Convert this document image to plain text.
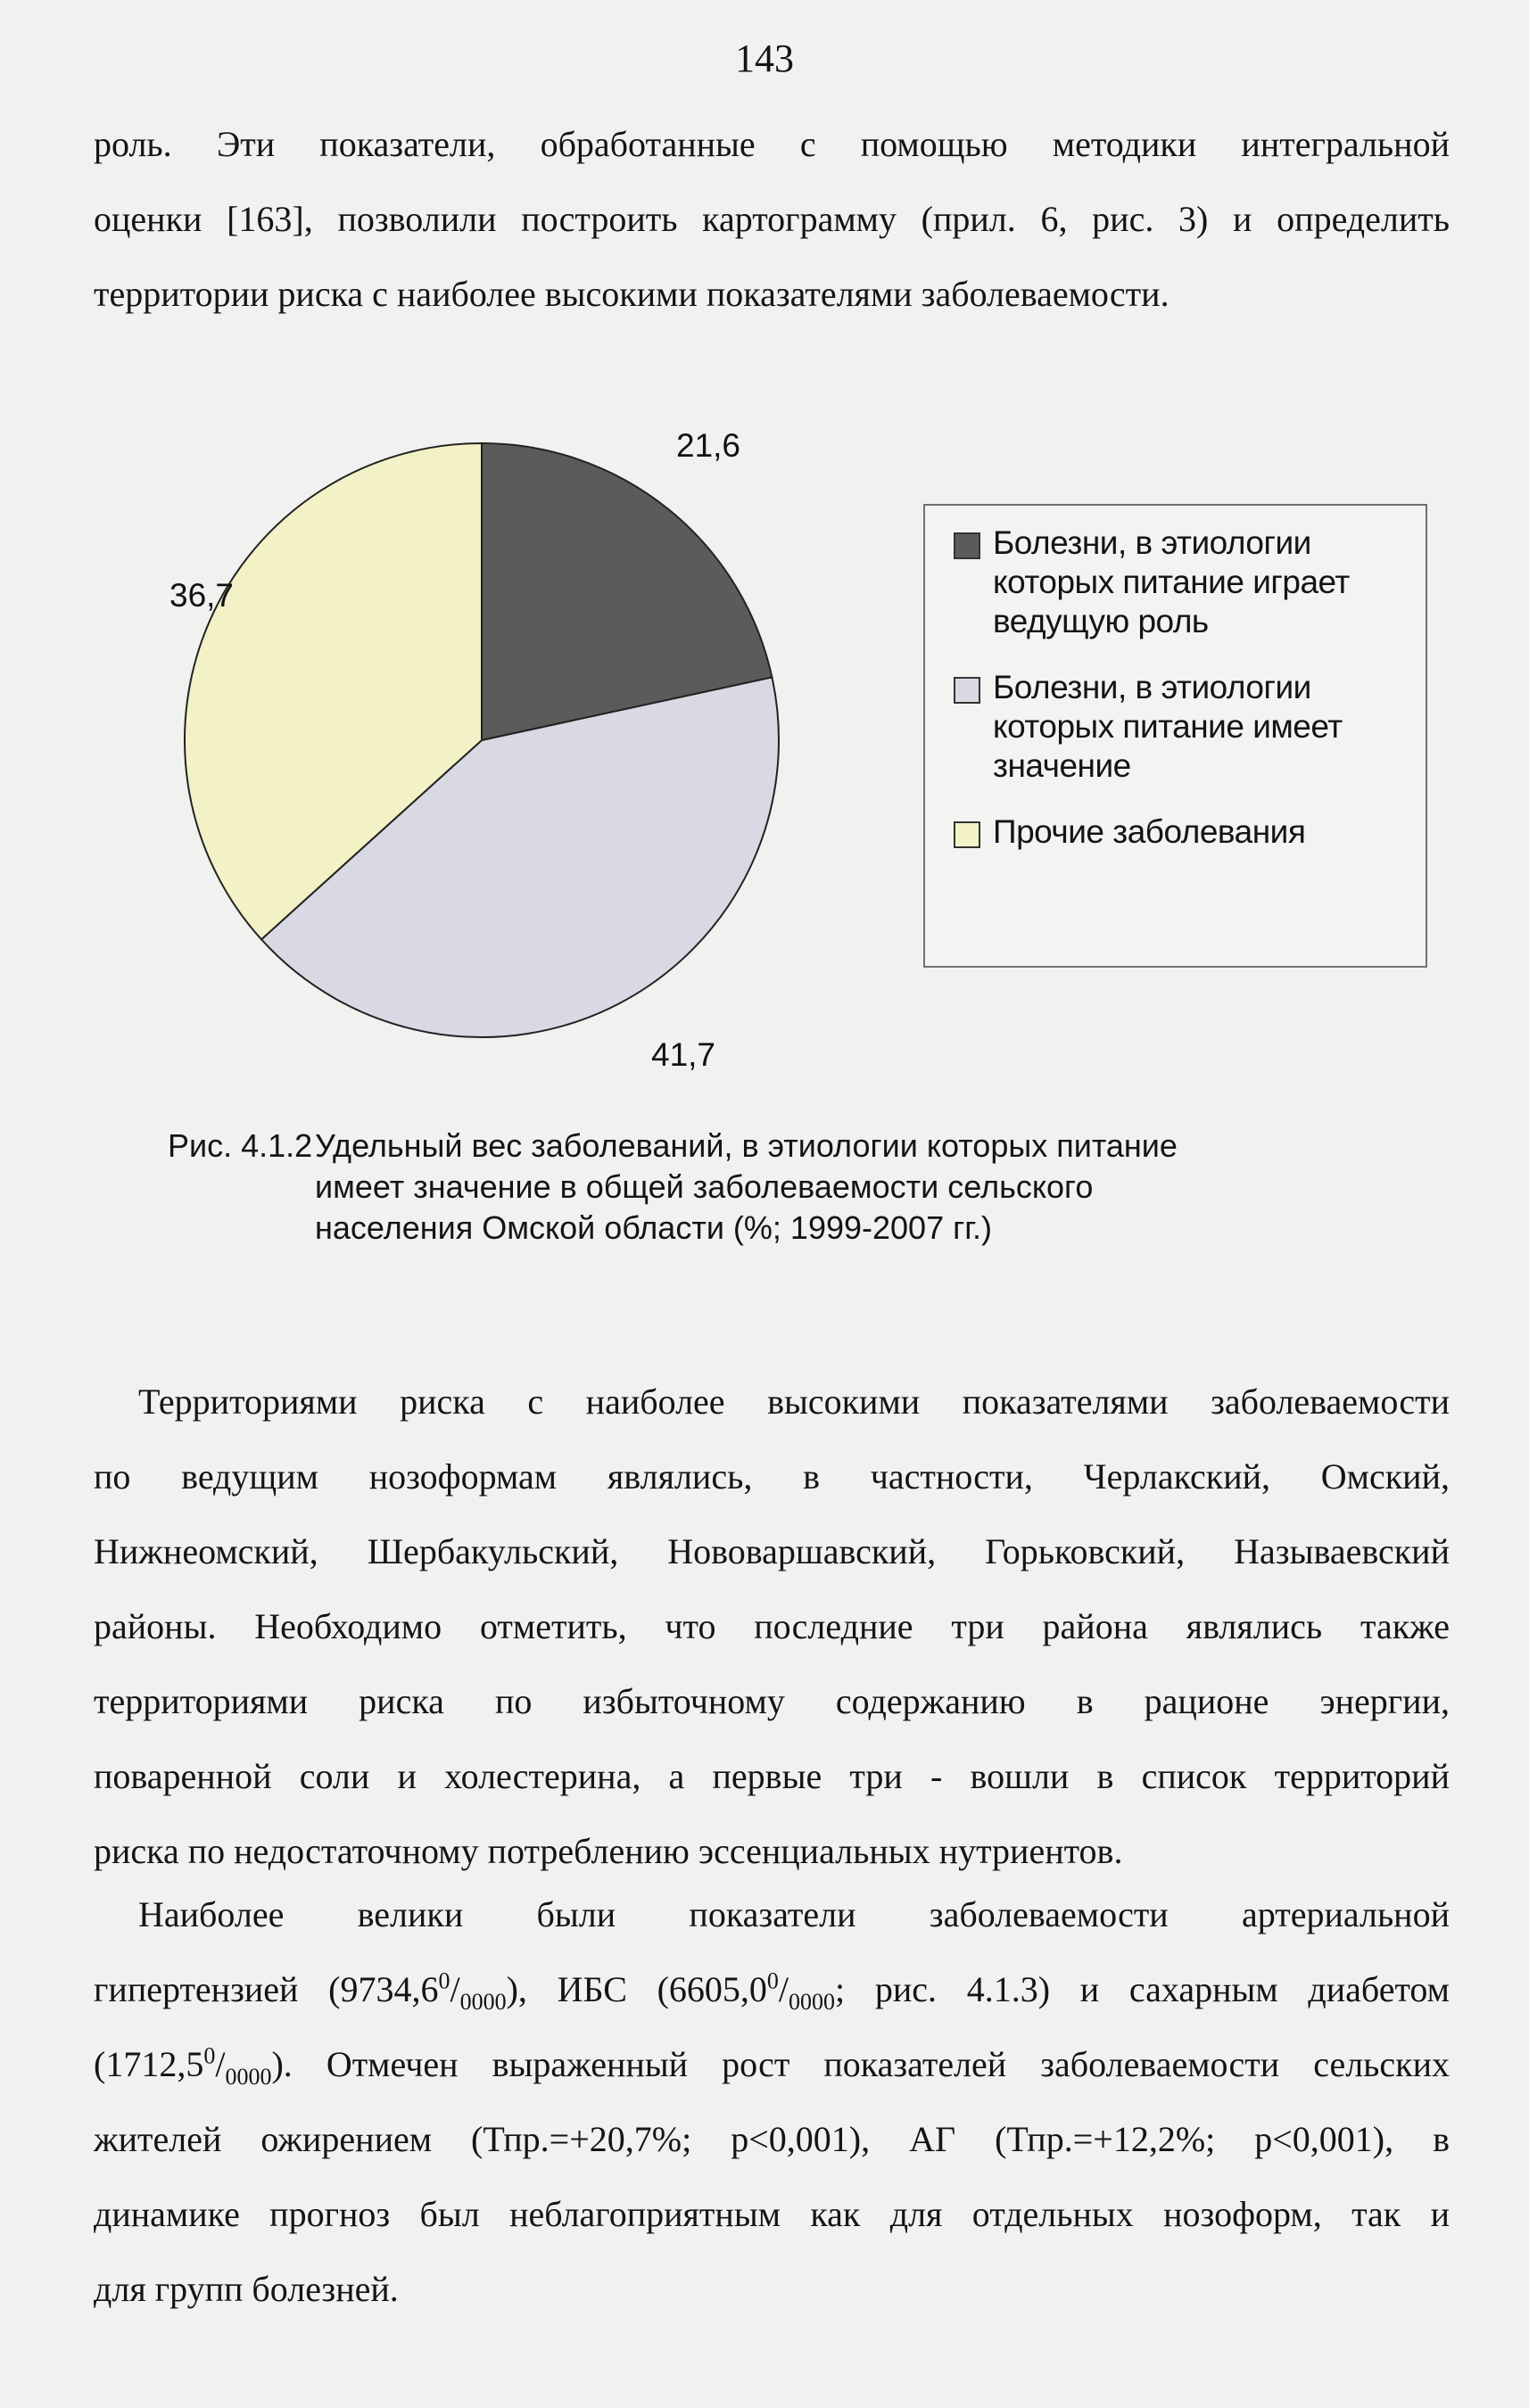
143
роль. Эти показатели, обработанные с помощью методики интегральной
оценки [163], позволили построить картограмму (прил. 6, рис. 3) и определить
территории риска с наиболее высокими показателями заболеваемости.
21,6
41,7
36,7
Болезни, в этиологии
которых питание играет
ведущую роль
Болезни, в этиологии
которых питание имеет
значение
Прочие заболевания
Рис. 4.1.2Удельный вес заболеваний, в этиологии которых питание
имеет значение в общей заболеваемости сельского
населения Омской области (%; 1999-2007 гг.)
Территориями риска с наиболее высокими показателями заболеваемости
по ведущим нозоформам являлись, в частности, Черлакский, Омский,
Нижнеомский, Шербакульский, Нововаршавский, Горьковский, Называевский
районы. Необходимо отметить, что последние три района являлись также
территориями риска по избыточному содержанию в рационе энергии,
поваренной соли и холестерина, а первые три - вошли в список территорий
риска по недостаточному потреблению эссенциальных нутриентов.
Наиболее велики были показатели заболеваемости артериальной
гипертензией $(9734,6^0/_{0000})$, ИБС ($6605,0^0/_{0000}$; рис. 4.1.3) и сахарным диабетом
$(1712,5^0/_{0000})$. Отмечен выраженный рост показателей заболеваемости сельских
жителей ожирением (Тпр.=+20,7%; р<0,001), АГ (Тпр.=+12,2%; р<0,001), в
динамике прогноз был неблагоприятным как для отдельных нозоформ, так и
для групп болезней.
